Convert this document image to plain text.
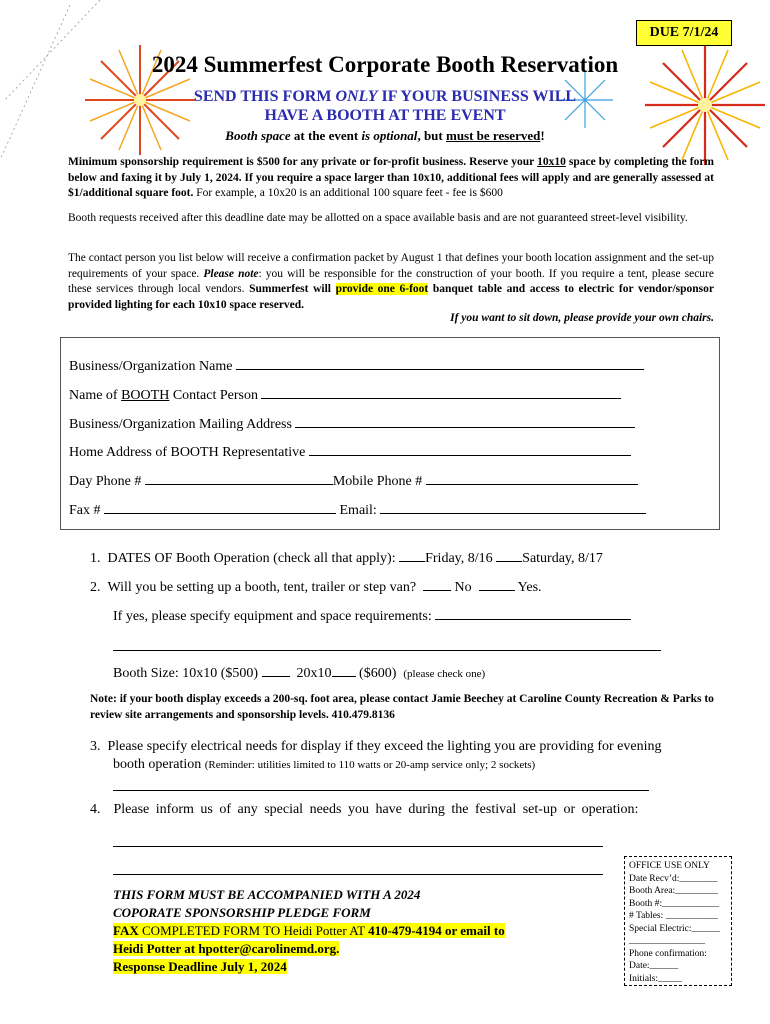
DUE 7/1/24
2024 Summerfest Corporate Booth Reservation
SEND THIS FORM ONLY IF YOUR BUSINESS WILL
HAVE A BOOTH AT THE EVENT
Booth space at the event is optional, but must be reserved!
Minimum sponsorship requirement is $500 for any private or for-profit business. Reserve your 10x10 space by completing the form below and faxing it by July 1, 2024. If you require a space larger than 10x10, additional fees will apply and are generally assessed at $1/additional square foot. For example, a 10x20 is an additional 100 square feet - fee is $600
Booth requests received after this deadline date may be allotted on a space available basis and are not guaranteed street-level visibility.
The contact person you list below will receive a confirmation packet by August 1 that defines your booth location assignment and the set-up requirements of your space. Please note: you will be responsible for the construction of your booth. If you require a tent, please secure these services through local vendors. Summerfest will provide one 6-foot banquet table and access to electric for vendor/sponsor provided lighting for each 10x10 space reserved.
If you want to sit down, please provide your own chairs.
Business/Organization Name
Name of BOOTH Contact Person
Business/Organization Mailing Address
Home Address of BOOTH Representative
Day Phone #	Mobile Phone #
Fax #	Email:
1. DATES OF Booth Operation (check all that apply): Friday, 8/16 Saturday, 8/17
2. Will you be setting up a booth, tent, trailer or step van?	No	Yes.
If yes, please specify equipment and space requirements:
Booth Size: 10x10 ($500)	20x10 ($600) (please check one)
Note: if your booth display exceeds a 200-sq. foot area, please contact Jamie Beechey at Caroline County Recreation & Parks to review site arrangements and sponsorship levels. 410.479.8136
3. Please specify electrical needs for display if they exceed the lighting you are providing for evening
booth operation (Reminder: utilities limited to 110 watts or 20-amp service only; 2 sockets)
4. Please inform us of any special needs you have during the festival set-up or operation:
THIS FORM MUST BE ACCOMPANIED WITH A 2024
COPORATE SPONSORSHIP PLEDGE FORM
FAX COMPLETED FORM TO Heidi Potter AT 410-479-4194 or email to
Heidi Potter at hpotter@carolinemd.org.
Response Deadline July 1, 2024
OFFICE USE ONLY
Date Recv’d:________
Booth Area:_________
Booth #:____________
# Tables: ___________
Special Electric:______
________________
Phone confirmation:
Date:______
Initials:_____
